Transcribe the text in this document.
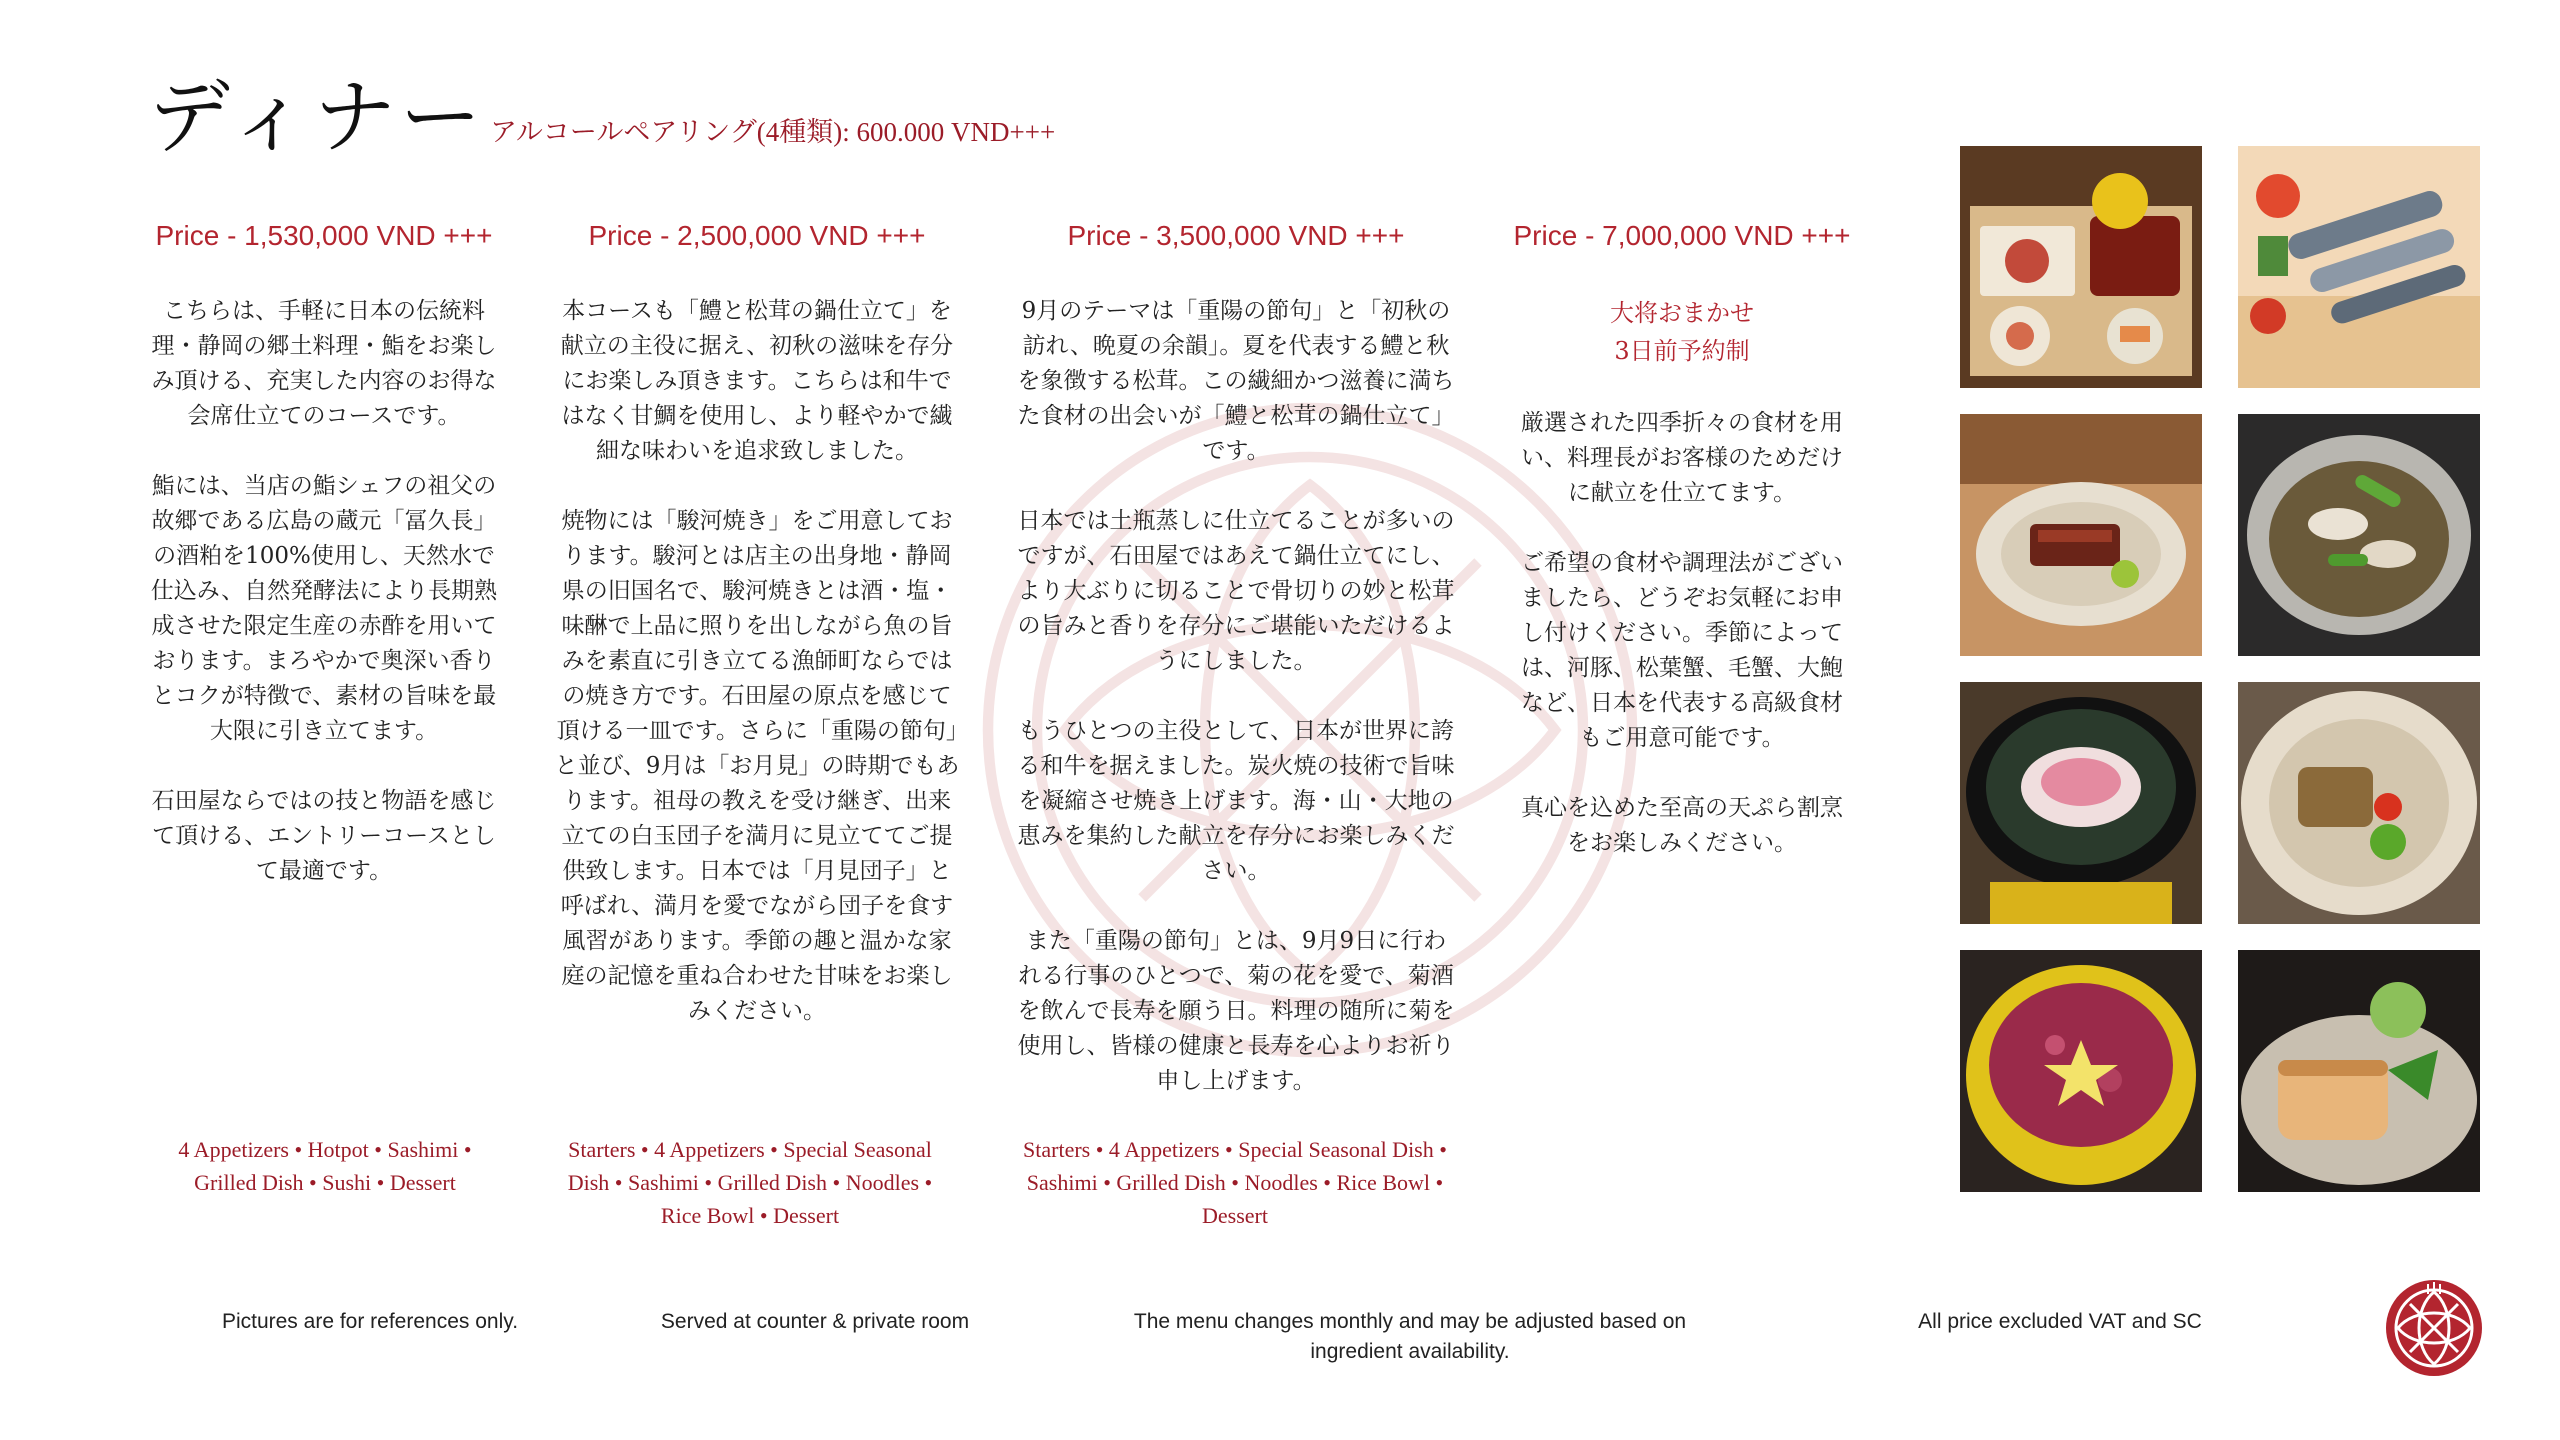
ディナー アルコールペアリング(4種類): 600.000 VND+++
Price - 1,530,000 VND +++

こちらは、手軽に日本の伝統料理・静岡の郷土料理・鮨をお楽しみ頂ける、充実した内容のお得な会席仕立てのコースです。

鮨には、当店の鮨シェフの祖父の故郷である広島の蔵元「冨久長」の酒粕を100%使用し、天然水で仕込み、自然発酵法により長期熟成させた限定生産の赤酢を用いております。まろやかで奥深い香りとコクが特徴で、素材の旨味を最大限に引き立てます。

石田屋ならではの技と物語を感じて頂ける、エントリーコースとして最適です。

Price - 2,500,000 VND +++

本コースも「鱧と松茸の鍋仕立て」を献立の主役に据え、初秋の滋味を存分にお楽しみ頂きます。こちらは和牛ではなく甘鯛を使用し、より軽やかで繊細な味わいを追求致しました。

焼物には「駿河焼き」をご用意しております。駿河とは店主の出身地・静岡県の旧国名で、駿河焼きとは酒・塩・味醂で上品に照りを出しながら魚の旨みを素直に引き立てる漁師町ならではの焼き方です。石田屋の原点を感じて頂ける一皿です。さらに「重陽の節句」と並び、9月は「お月見」の時期でもあります。祖母の教えを受け継ぎ、出来立ての白玉団子を満月に見立ててご提供致します。日本では「月見団子」と呼ばれ、満月を愛でながら団子を食す風習があります。季節の趣と温かな家庭の記憶を重ね合わせた甘味をお楽しみください。

Price - 3,500,000 VND +++

9月のテーマは「重陽の節句」と「初秋の訪れ、晩夏の余韻」。夏を代表する鱧と秋を象徴する松茸。この繊細かつ滋養に満ちた食材の出会いが「鱧と松茸の鍋仕立て」です。

日本では土瓶蒸しに仕立てることが多いのですが、石田屋ではあえて鍋仕立てにし、より大ぶりに切ることで骨切りの妙と松茸の旨みと香りを存分にご堪能いただけるようにしました。

もうひとつの主役として、日本が世界に誇る和牛を据えました。炭火焼の技術で旨味を凝縮させ焼き上げます。海・山・大地の恵みを集約した献立を存分にお楽しみください。

また「重陽の節句」とは、9月9日に行われる行事のひとつで、菊の花を愛で、菊酒を飲んで長寿を願う日。料理の随所に菊を使用し、皆様の健康と長寿を心よりお祈り申し上げます。

Price - 7,000,000 VND +++
大将おまかせ
3日前予約制

厳選された四季折々の食材を用い、料理長がお客様のためだけに献立を仕立てます。

ご希望の食材や調理法がございましたら、どうぞお気軽にお申し付けください。季節によっては、河豚、松葉蟹、毛蟹、大鮑など、日本を代表する高級食材もご用意可能です。

真心を込めた至高の天ぷら割烹をお楽しみください。

4 Appetizers • Hotpot • Sashimi • Grilled Dish • Sushi • Dessert
Starters • 4 Appetizers • Special Seasonal Dish • Sashimi • Grilled Dish • Noodles • Rice Bowl • Dessert
Starters • 4 Appetizers • Special Seasonal Dish • Sashimi • Grilled Dish • Noodles • Rice Bowl • Dessert
Pictures are for references only.	Served at counter & private room	The menu changes monthly and may be adjusted based on ingredient availability.
All price excluded VAT and SC
